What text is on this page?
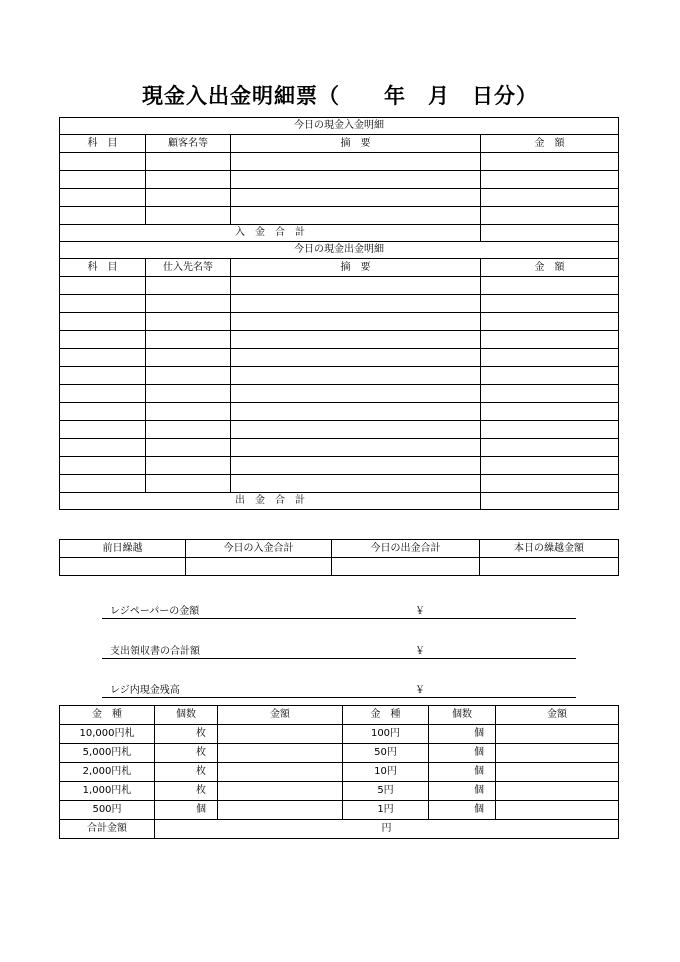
現金入出金明細票（　　年　月　日分）
今日の現金入金明細			
科　目	顧客名等	摘　要	金　額

入　金　合　計			
今日の現金出金明細			
科　目	仕入先名等	摘　要	金　額

出　金　合　計			
前日繰越	今日の入金合計	今日の出金合計	本日の繰越金額

レジペーパーの金額	￥
支出領収書の合計額	￥
レジ内現金残高	￥
金　種	個数	金額	金　種	個数	金額
10,000円札	枚		100円	個	
5,000円札	枚		50円	個	
2,000円札	枚		10円	個	
1,000円札	枚		5円	個	
500円	個		1円	個	
合計金額	円				
